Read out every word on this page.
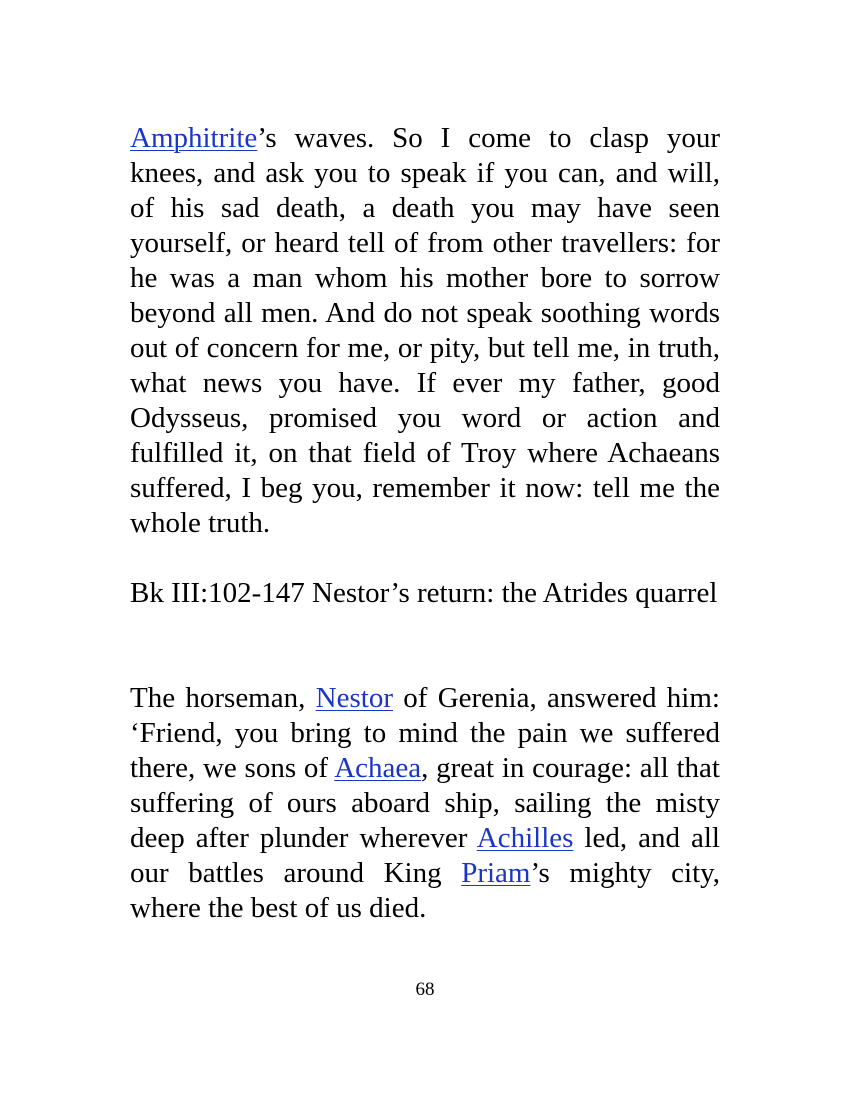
Amphitrite’s waves. So I come to clasp your knees, and ask you to speak if you can, and will, of his sad death, a death you may have seen yourself, or heard tell of from other travellers: for he was a man whom his mother bore to sorrow beyond all men. And do not speak soothing words out of concern for me, or pity, but tell me, in truth, what news you have. If ever my father, good Odysseus, promised you word or action and fulfilled it, on that field of Troy where Achaeans suffered, I beg you, remember it now: tell me the whole truth.

Bk III:102-147 Nestor’s return: the Atrides quarrel

The horseman, Nestor of Gerenia, answered him: ‘Friend, you bring to mind the pain we suffered there, we sons of Achaea, great in courage: all that suffering of ours aboard ship, sailing the misty deep after plunder wherever Achilles led, and all our battles around King Priam’s mighty city, where the best of us died.

68
